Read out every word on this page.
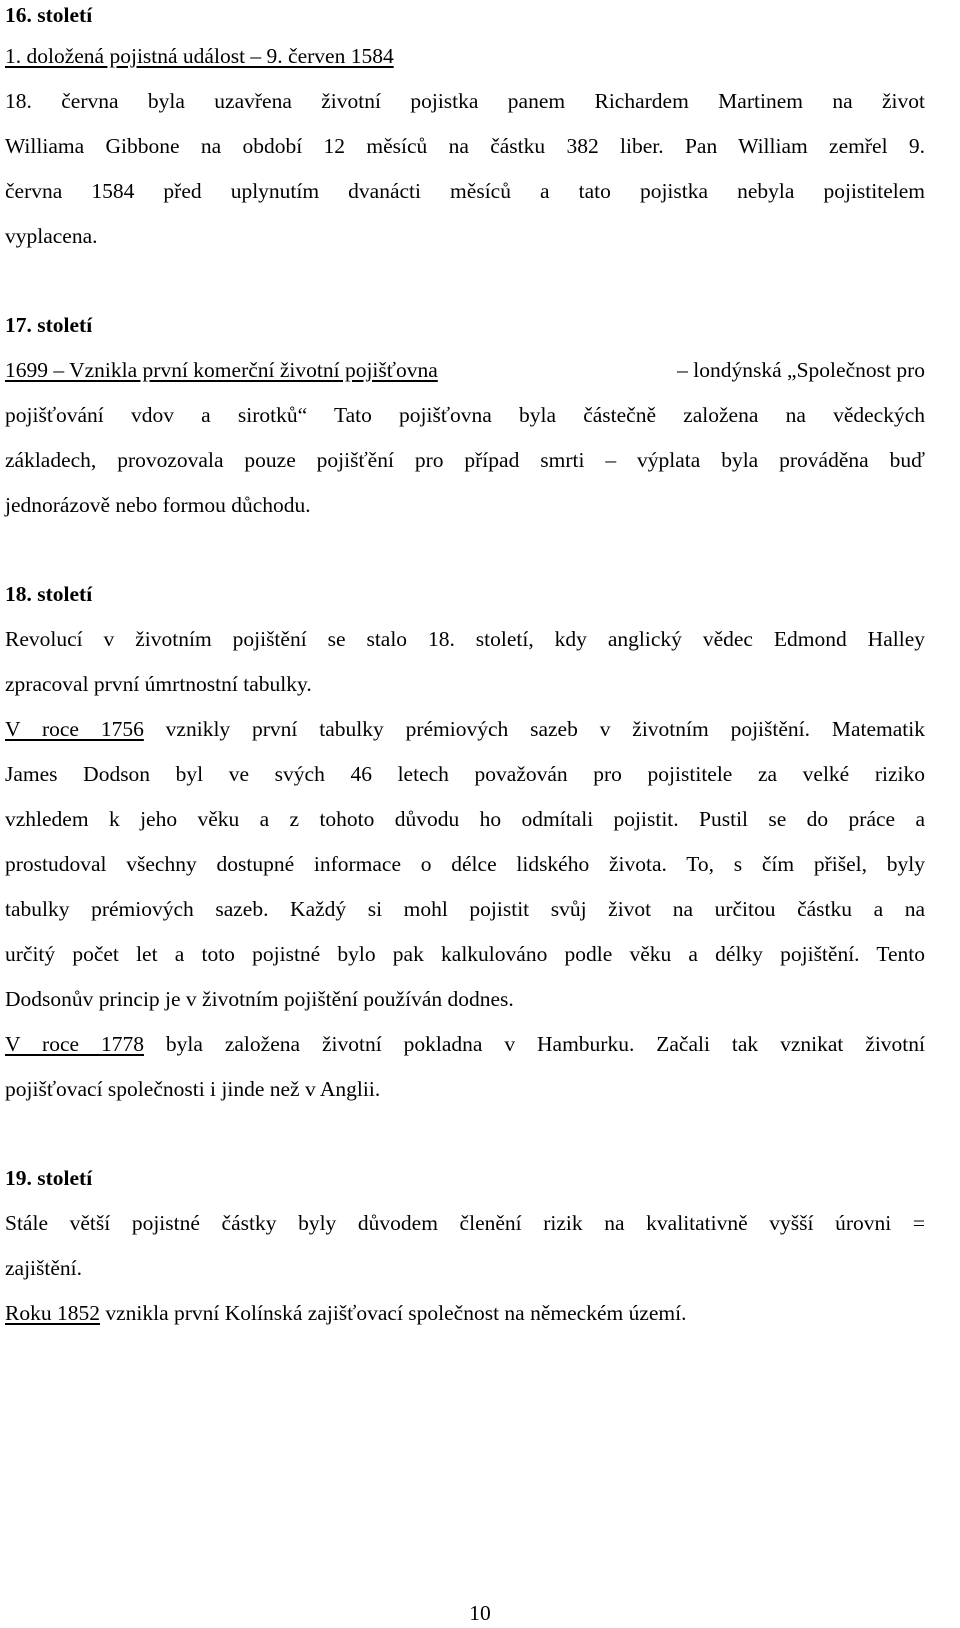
16. století
1. doložená pojistná událost – 9. červen 1584
18. června byla uzavřena životní pojistka panem Richardem Martinem na život
Williama Gibbone na období 12 měsíců na částku 382 liber. Pan William zemřel 9.
června 1584 před uplynutím dvanácti měsíců a tato pojistka nebyla pojistitelem
vyplacena.
17. století
1699 – Vznikla první komerční životní pojišťovna	– londýnská „Společnost pro
pojišťování vdov a sirotků“ Tato pojišťovna byla částečně založena na vědeckých
základech, provozovala pouze pojišťění pro případ smrti – výplata byla prováděna buď
jednorázově nebo formou důchodu.
18. století
Revolucí v životním pojištění se stalo 18. století, kdy anglický vědec Edmond Halley
zpracoval první úmrtnostní tabulky.
V roce 1756 vznikly první tabulky prémiových sazeb v životním pojištění. Matematik
James Dodson byl ve svých 46 letech považován pro pojistitele za velké riziko
vzhledem k jeho věku a z tohoto důvodu ho odmítali pojistit. Pustil se do práce a
prostudoval všechny dostupné informace o délce lidského života. To, s čím přišel, byly
tabulky prémiových sazeb. Každý si mohl pojistit svůj život na určitou částku a na
určitý počet let a toto pojistné bylo pak kalkulováno podle věku a délky pojištění. Tento
Dodsonův princip je v životním pojištění používán dodnes.
V roce 1778 byla založena životní pokladna v Hamburku. Začali tak vznikat životní
pojišťovací společnosti i jinde než v Anglii.
19. století
Stále větší pojistné částky byly důvodem členění rizik na kvalitativně vyšší úrovni =
zajištění.
Roku 1852 vznikla první Kolínská zajišťovací společnost na německém území.
10
